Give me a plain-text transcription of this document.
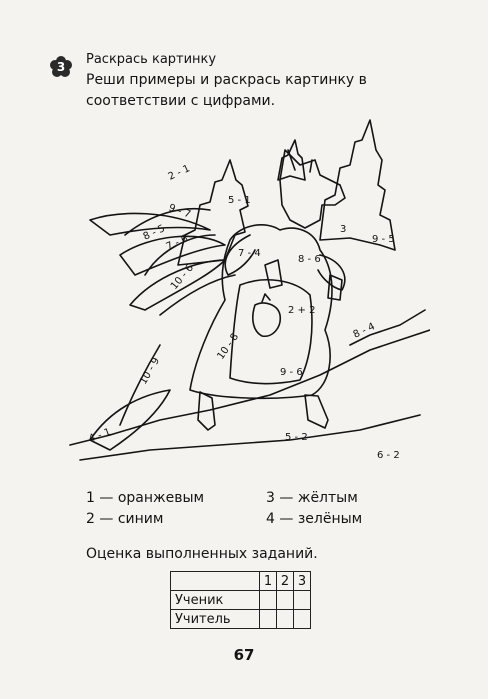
3	Раскрась картинку
Реши примеры и раскрась картинку в соответствии с цифрами.
2 - 1
9 - 7
5 - 1
8 - 5
7 - 6
7 - 4
8 - 6
3
9 - 5
10 - 6
2 + 2
8 - 4
10 - 8
10 - 9	9 - 6
4 - 1	5 - 2
6 - 2
1 — оранжевым
2 — синим
3 — жёлтым
4 — зелёным
Оценка выполненных заданий.
	1	2	3
Ученик			
Учитель			
67
